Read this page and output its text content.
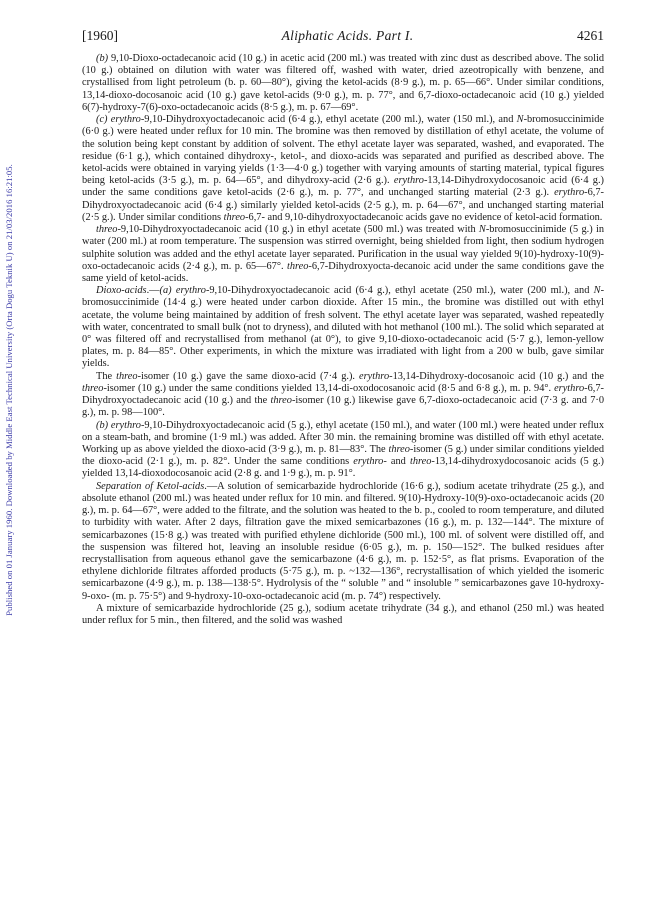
Published on 01 January 1960. Downloaded by Middle East Technical University (Orta Dogu Teknik U) on 21/03/2016 16:21:05.
[1960]	Aliphatic Acids. Part I.	4261

(b) 9,10-Dioxo-octadecanoic acid (10 g.) in acetic acid (200 ml.) was treated with zinc dust as described above. The solid (10 g.) obtained on dilution with water was filtered off, washed with water, dried azeotropically with benzene, and crystallised from light petroleum (b. p. 60—80°), giving the ketol-acids (8·9 g.), m. p. 65—66°. Under similar conditions, 13,14-dioxo-docosanoic acid (10 g.) gave ketol-acids (9·0 g.), m. p. 77°, and 6,7-dioxo-octadecanoic acid (10 g.) yielded 6(7)-hydroxy-7(6)-oxo-octadecanoic acids (8·5 g.), m. p. 67—69°.

(c) erythro-9,10-Dihydroxyoctadecanoic acid (6·4 g.), ethyl acetate (200 ml.), water (150 ml.), and N-bromosuccinimide (6·0 g.) were heated under reflux for 10 min. The bromine was then removed by distillation of ethyl acetate, the volume of the solution being kept constant by addition of solvent. The ethyl acetate layer was separated, washed, and evaporated. The residue (6·1 g.), which contained dihydroxy-, ketol-, and dioxo-acids was separated and purified as described above. The ketol-acids were obtained in varying yields (1·3—4·0 g.) together with varying amounts of starting material, typical figures being ketol-acids (3·5 g.), m. p. 64—65°, and dihydroxy-acid (2·6 g.). erythro-13,14-Dihydroxydocosanoic acid (6·4 g.) under the same conditions gave ketol-acids (2·6 g.), m. p. 77°, and unchanged starting material (2·3 g.). erythro-6,7-Dihydroxyoctadecanoic acid (6·4 g.) similarly yielded ketol-acids (2·5 g.), m. p. 64—67°, and unchanged starting material (2·5 g.). Under similar conditions threo-6,7- and 9,10-dihydroxyoctadecanoic acids gave no evidence of ketol-acid formation.

threo-9,10-Dihydroxyoctadecanoic acid (10 g.) in ethyl acetate (500 ml.) was treated with N-bromosuccinimide (5 g.) in water (200 ml.) at room temperature. The suspension was stirred overnight, being shielded from light, then sodium hydrogen sulphite solution was added and the ethyl acetate layer separated. Purification in the usual way yielded 9(10)-hydroxy-10(9)-oxo-octadecanoic acids (2·4 g.), m. p. 65—67°. threo-6,7-Dihydroxyocta-decanoic acid under the same conditions gave the same yield of ketol-acids.

Dioxo-acids.—(a) erythro-9,10-Dihydroxyoctadecanoic acid (6·4 g.), ethyl acetate (250 ml.), water (200 ml.), and N-bromosuccinimide (14·4 g.) were heated under carbon dioxide. After 15 min., the bromine was distilled out with ethyl acetate, the volume being maintained by addition of fresh solvent. The ethyl acetate layer was separated, washed repeatedly with water, concentrated to small bulk (not to dryness), and diluted with hot methanol (100 ml.). The solid which separated at 0° was filtered off and recrystallised from methanol (at 0°), to give 9,10-dioxo-octadecanoic acid (5·7 g.), lemon-yellow plates, m. p. 84—85°. Other experiments, in which the mixture was irradiated with light from a 200 w bulb, gave similar yields.

The threo-isomer (10 g.) gave the same dioxo-acid (7·4 g.). erythro-13,14-Dihydroxy-docosanoic acid (10 g.) and the threo-isomer (10 g.) under the same conditions yielded 13,14-di-oxodocosanoic acid (8·5 and 6·8 g.), m. p. 94°. erythro-6,7-Dihydroxyoctadecanoic acid (10 g.) and the threo-isomer (10 g.) likewise gave 6,7-dioxo-octadecanoic acid (7·3 g. and 7·0 g.), m. p. 98—100°.

(b) erythro-9,10-Dihydroxyoctadecanoic acid (5 g.), ethyl acetate (150 ml.), and water (100 ml.) were heated under reflux on a steam-bath, and bromine (1·9 ml.) was added. After 30 min. the remaining bromine was distilled off with ethyl acetate. Working up as above yielded the dioxo-acid (3·9 g.), m. p. 81—83°. The threo-isomer (5 g.) under similar conditions yielded the dioxo-acid (2·1 g.), m. p. 82°. Under the same conditions erythro- and threo-13,14-dihydroxydocosanoic acids (5 g.) yielded 13,14-dioxodocosanoic acid (2·8 g. and 1·9 g.), m. p. 91°.

Separation of Ketol-acids.—A solution of semicarbazide hydrochloride (16·6 g.), sodium acetate trihydrate (25 g.), and absolute ethanol (200 ml.) was heated under reflux for 10 min. and filtered. 9(10)-Hydroxy-10(9)-oxo-octadecanoic acids (20 g.), m. p. 64—67°, were added to the filtrate, and the solution was heated to the b. p., cooled to room temperature, and diluted to turbidity with water. After 2 days, filtration gave the mixed semicarbazones (16 g.), m. p. 132—144°. The mixture of semicarbazones (15·8 g.) was treated with purified ethylene dichloride (500 ml.), 100 ml. of solvent were distilled off, and the suspension was filtered hot, leaving an insoluble residue (6·05 g.), m. p. 150—152°. The bulked residues after recrystallisation from aqueous ethanol gave the semicarbazone (4·6 g.), m. p. 152·5°, as flat prisms. Evaporation of the ethylene dichloride filtrates afforded products (5·75 g.), m. p. ~132—136°, recrystallisation of which yielded the isomeric semicarbazone (4·9 g.), m. p. 138—138·5°. Hydrolysis of the “ soluble ” and “ insoluble ” semicarbazones gave 10-hydroxy-9-oxo- (m. p. 75·5°) and 9-hydroxy-10-oxo-octadecanoic acid (m. p. 74°) respectively.

A mixture of semicarbazide hydrochloride (25 g.), sodium acetate trihydrate (34 g.), and ethanol (250 ml.) was heated under reflux for 5 min., then filtered, and the solid was washed
